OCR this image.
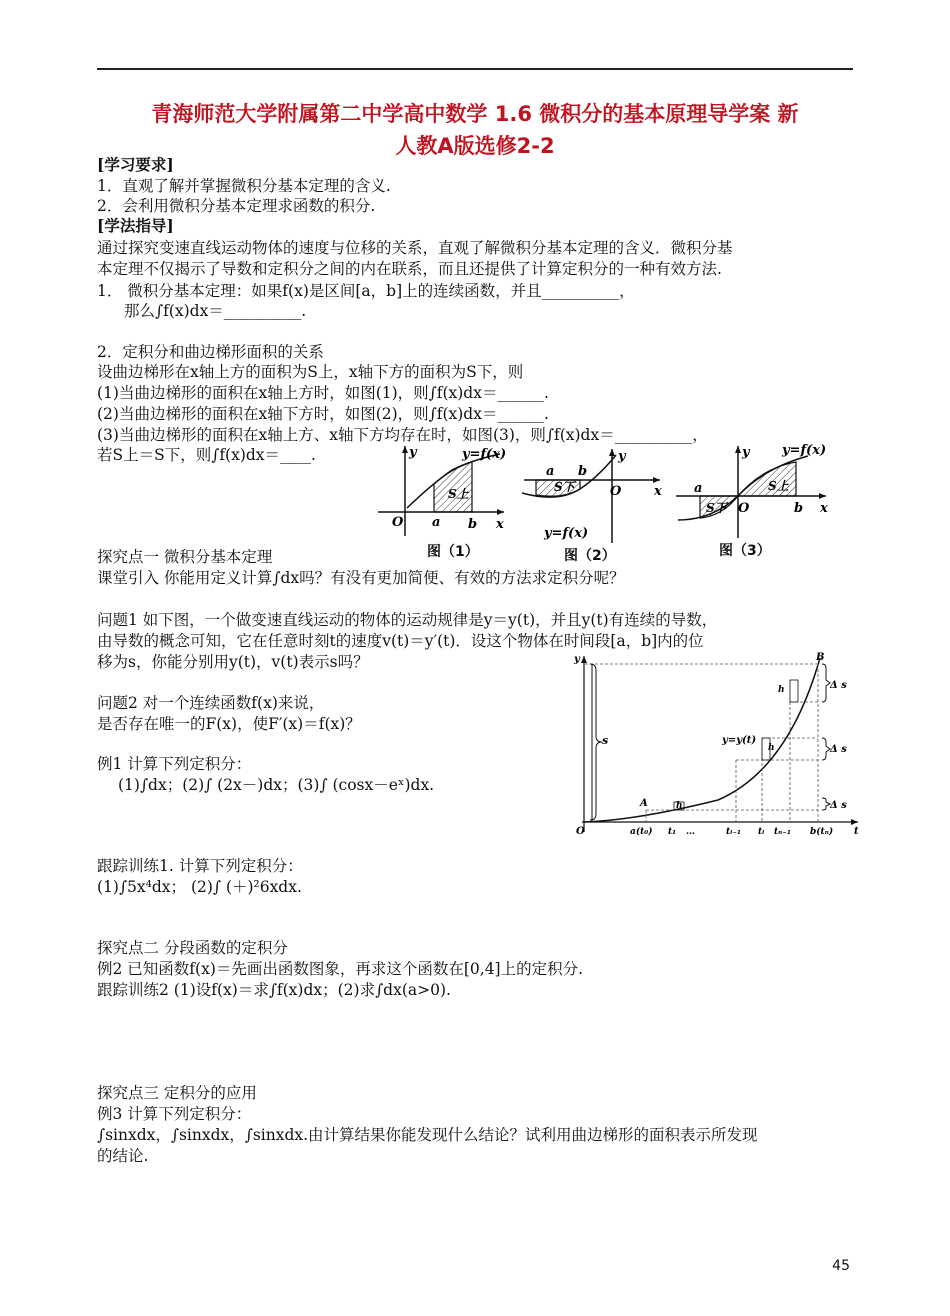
青海师范大学附属第二中学高中数学 1.6 微积分的基本原理导学案 新
人教A版选修2-2
[学习要求]
1．直观了解并掌握微积分基本定理的含义.
2．会利用微积分基本定理求函数的积分.
[学法指导]
通过探究变速直线运动物体的速度与位移的关系，直观了解微积分基本定理的含义．微积分基
本定理不仅揭示了导数和定积分之间的内在联系，而且还提供了计算定积分的一种有效方法.
1． 微积分基本定理：如果f(x)是区间[a，b]上的连续函数，并且__________，
那么∫f(x)dx＝__________.
2．定积分和曲边梯形面积的关系
设曲边梯形在x轴上方的面积为S上，x轴下方的面积为S下，则
(1)当曲边梯形的面积在x轴上方时，如图(1)，则∫f(x)dx＝______.
(2)当曲边梯形的面积在x轴下方时，如图(2)，则∫f(x)dx＝______.
(3)当曲边梯形的面积在x轴上方、x轴下方均存在时，如图(3)，则∫f(x)dx＝__________，
若S上＝S下，则∫f(x)dx＝____.
O a b x
y
S上
y=f(x)
图（1）
a b
y
O	x
S下
y=f(x)
图（2）
a
y
O	b x
S上
S下
y=f(x)
图（3）
探究点一 微积分基本定理
课堂引入 你能用定义计算∫dx吗？有没有更加简便、有效的方法求定积分呢？
问题1 如下图，一个做变速直线运动的物体的运动规律是y＝y(t)，并且y(t)有连续的导数，
由导数的概念可知，它在任意时刻t的速度v(t)＝y′(t)．设这个物体在时间段[a，b]内的位
移为s，你能分别用y(t)，v(t)表示s吗？
问题2 对一个连续函数f(x)来说，
是否存在唯一的F(x)，使F′(x)＝f(x)？
例1 计算下列定积分：
(1)∫dx；(2)∫ (2x－)dx；(3)∫ (cosx－eˣ)dx.
s
y
t
B
A
O
y=y(t)
Δ s
Δ s
Δ s
h
h
h
a(t₀) t₁ …	tᵢ₋₁ tᵢ tₙ₋₁ b(tₙ)
跟踪训练1. 计算下列定积分：
(1)∫5x⁴dx； (2)∫ (＋)²6xdx.
探究点二 分段函数的定积分
例2 已知函数f(x)＝先画出函数图象，再求这个函数在[0,4]上的定积分.
跟踪训练2 (1)设f(x)＝求∫f(x)dx；(2)求∫dx(a>0).
探究点三 定积分的应用
例3 计算下列定积分：
∫sinxdx，∫sinxdx，∫sinxdx.由计算结果你能发现什么结论？试利用曲边梯形的面积表示所发现
的结论.
45
